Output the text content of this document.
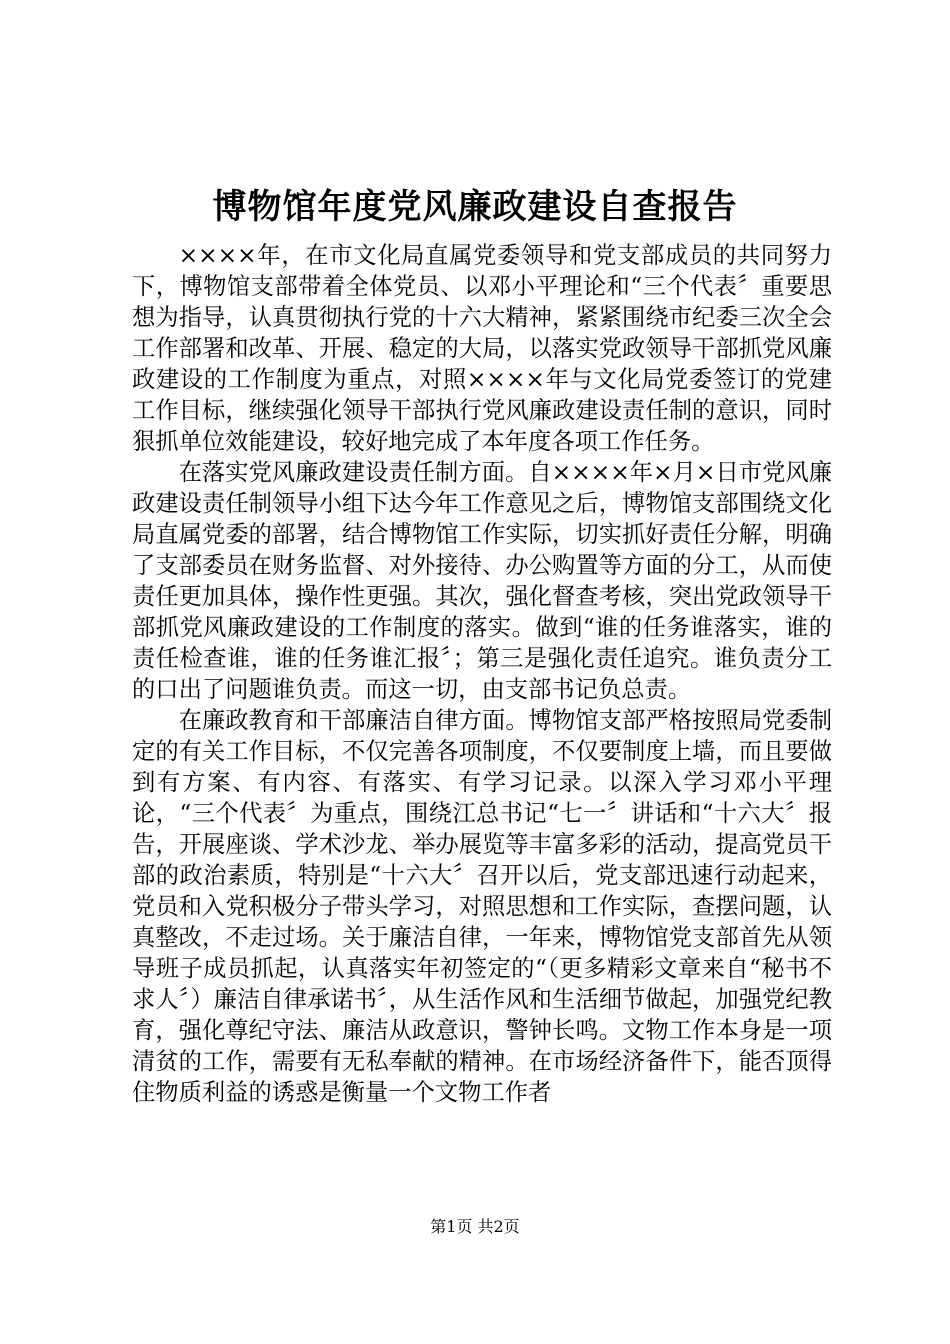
博物馆年度党风廉政建设自查报告

××××年，在市文化局直属党委领导和党支部成员的共同努力下，博物馆支部带着全体党员、以邓小平理论和“三个代表〞重要思想为指导，认真贯彻执行党的十六大精神，紧紧围绕市纪委三次全会工作部署和改革、开展、稳定的大局，以落实党政领导干部抓党风廉政建设的工作制度为重点，对照××××年与文化局党委签订的党建工作目标，继续强化领导干部执行党风廉政建设责任制的意识，同时狠抓单位效能建设，较好地完成了本年度各项工作任务。

在落实党风廉政建设责任制方面。自××××年×月×日市党风廉政建设责任制领导小组下达今年工作意见之后，博物馆支部围绕文化局直属党委的部署，结合博物馆工作实际，切实抓好责任分解，明确了支部委员在财务监督、对外接待、办公购置等方面的分工，从而使责任更加具体，操作性更强。其次，强化督查考核，突出党政领导干部抓党风廉政建设的工作制度的落实。做到“谁的任务谁落实，谁的责任检查谁，谁的任务谁汇报〞；第三是强化责任追究。谁负责分工的口出了问题谁负责。而这一切，由支部书记负总责。

在廉政教育和干部廉洁自律方面。博物馆支部严格按照局党委制定的有关工作目标，不仅完善各项制度，不仅要制度上墙，而且要做到有方案、有内容、有落实、有学习记录。以深入学习邓小平理论，“三个代表〞为重点，围绕江总书记“七一〞讲话和“十六大〞报告，开展座谈、学术沙龙、举办展览等丰富多彩的活动，提高党员干部的政治素质，特别是“十六大〞召开以后，党支部迅速行动起来，党员和入党积极分子带头学习，对照思想和工作实际，查摆问题，认真整改，不走过场。关于廉洁自律，一年来，博物馆党支部首先从领导班子成员抓起，认真落实年初签定的“（更多精彩文章来自“秘书不求人〞）廉洁自律承诺书〞，从生活作风和生活细节做起，加强党纪教育，强化尊纪守法、廉洁从政意识，警钟长鸣。文物工作本身是一项清贫的工作，需要有无私奉献的精神。在市场经济备件下，能否顶得住物质利益的诱惑是衡量一个文物工作者

第1页 共2页
